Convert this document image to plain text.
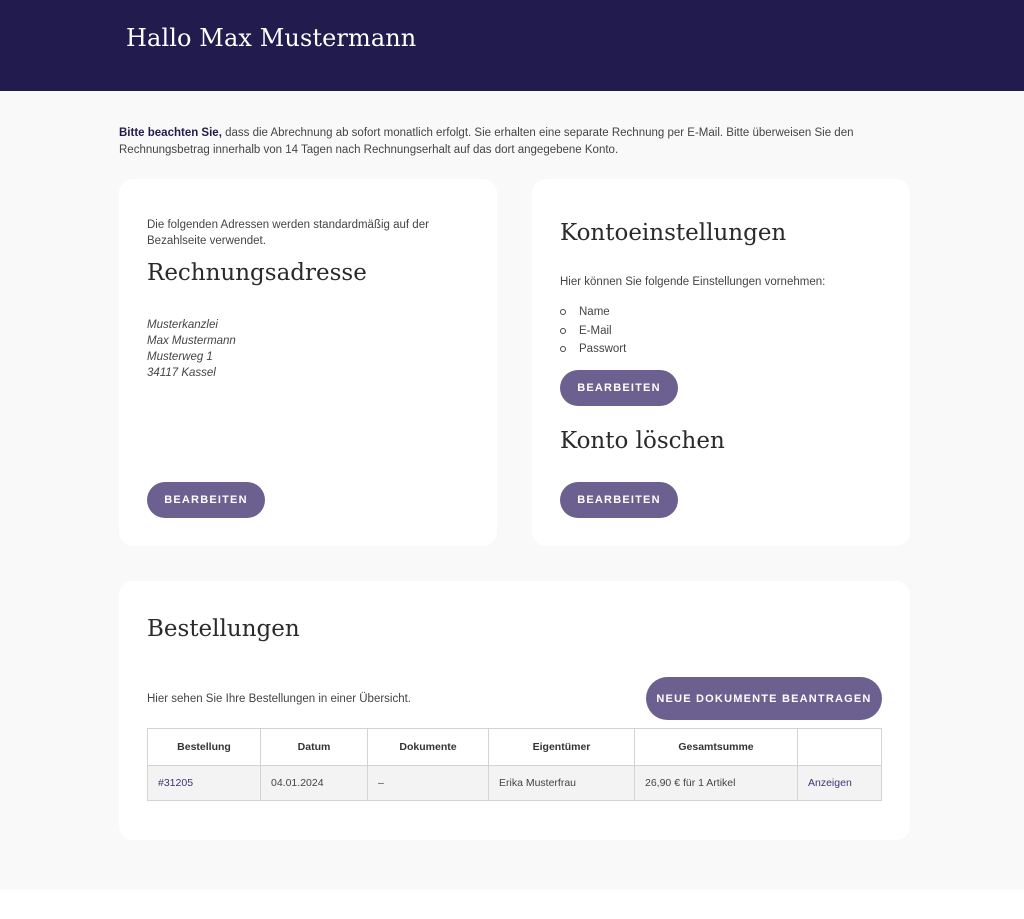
Hallo Max Mustermann

Bitte beachten Sie, dass die Abrechnung ab sofort monatlich erfolgt. Sie erhalten eine separate Rechnung per E-Mail. Bitte überweisen Sie den Rechnungsbetrag innerhalb von 14 Tagen nach Rechnungserhalt auf das dort angegebene Konto.

Die folgenden Adressen werden standardmäßig auf der Bezahlseite verwendet.

Rechnungsadresse
Musterkanzlei
Max Mustermann
Musterweg 1
34117 Kassel
BEARBEITEN
Kontoeinstellungen

Hier können Sie folgende Einstellungen vornehmen:

Name
E-Mail
Passwort
BEARBEITEN
Konto löschen
BEARBEITEN
Bestellungen

Hier sehen Sie Ihre Bestellungen in einer Übersicht.	NEUE DOKUMENTE BEANTRAGEN
Bestellung	Datum	Dokumente	Eigentümer	Gesamtsumme	
#31205	04.01.2024	–	Erika Musterfrau	26,90 € für 1 Artikel	Anzeigen
